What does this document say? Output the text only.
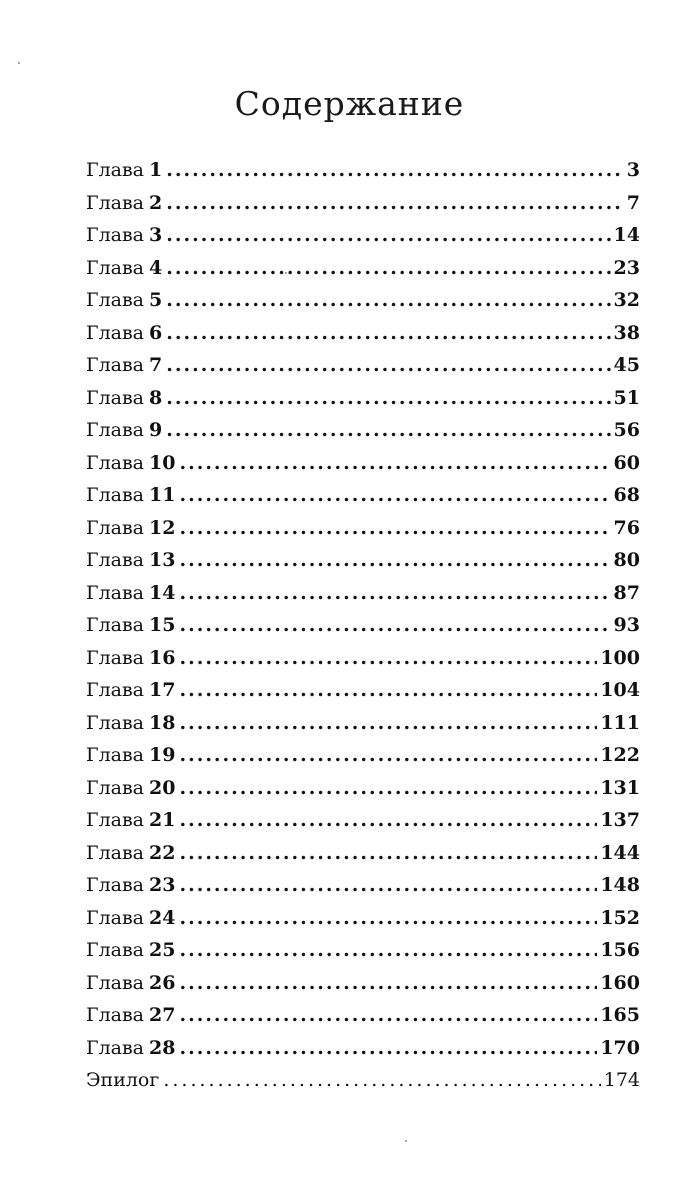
Содержание
Глава 1 .....	3
Глава 2 .....	7
Глава 3 .....	14
Глава 4 .....	23
Глава 5 .....	32
Глава 6 .....	38
Глава 7 .....	45
Глава 8 .....	51
Глава 9 .....	56
Глава 10 .....	60
Глава 11 .....	68
Глава 12 .....	76
Глава 13 .....	80
Глава 14 .....	87
Глава 15 .....	93
Глава 16 .....	100
Глава 17 .....	104
Глава 18 .....	111
Глава 19 .....	122
Глава 20 .....	131
Глава 21 .....	137
Глава 22 .....	144
Глава 23 .....	148
Глава 24 .....	152
Глава 25 .....	156
Глава 26 .....	160
Глава 27 .....	165
Глава 28 .....	170
Эпилог .....	174
